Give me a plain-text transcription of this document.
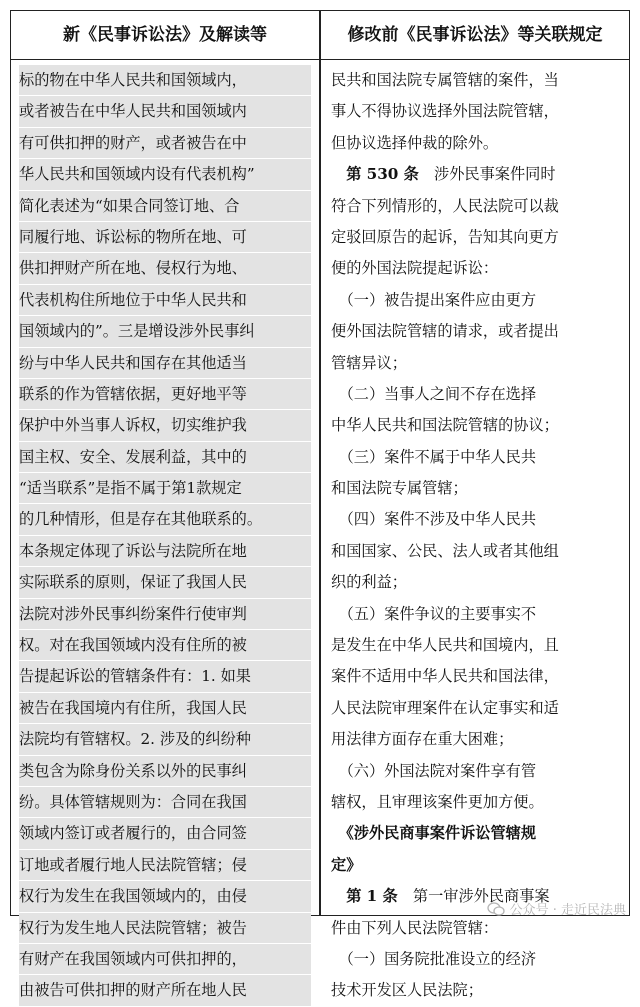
新《民事诉讼法》及解读等	修改前《民事诉讼法》等关联规定
标的物在中华人民共和国领域内，
或者被告在中华人民共和国领域内
有可供扣押的财产，或者被告在中
华人民共和国领域内设有代表机构”
简化表述为“如果合同签订地、合
同履行地、诉讼标的物所在地、可
供扣押财产所在地、侵权行为地、
代表机构住所地位于中华人民共和
国领域内的”。三是增设涉外民事纠
纷与中华人民共和国存在其他适当
联系的作为管辖依据，更好地平等
保护中外当事人诉权，切实维护我
国主权、安全、发展利益，其中的
“适当联系”是指不属于第1款规定
的几种情形，但是存在其他联系的。
本条规定体现了诉讼与法院所在地
实际联系的原则，保证了我国人民
法院对涉外民事纠纷案件行使审判
权。对在我国领域内没有住所的被
告提起诉讼的管辖条件有：1. 如果
被告在我国境内有住所，我国人民
法院均有管辖权。2. 涉及的纠纷种
类包含为除身份关系以外的民事纠
纷。具体管辖规则为：合同在我国
领域内签订或者履行的，由合同签
订地或者履行地人民法院管辖；侵
权行为发生在我国领域内的，由侵
权行为发生地人民法院管辖；被告
有财产在我国领域内可供扣押的，
由被告可供扣押的财产所在地人民
民共和国法院专属管辖的案件，当
事人不得协议选择外国法院管辖，
但协议选择仲裁的除外。
　第 530 条　涉外民事案件同时
符合下列情形的，人民法院可以裁
定驳回原告的起诉，告知其向更方
便的外国法院提起诉讼：
　（一）被告提出案件应由更方
便外国法院管辖的请求，或者提出
管辖异议；
　（二）当事人之间不存在选择
中华人民共和国法院管辖的协议；
　（三）案件不属于中华人民共
和国法院专属管辖；
　（四）案件不涉及中华人民共
和国国家、公民、法人或者其他组
织的利益；
　（五）案件争议的主要事实不
是发生在中华人民共和国境内，且
案件不适用中华人民共和国法律，
人民法院审理案件在认定事实和适
用法律方面存在重大困难；
　（六）外国法院对案件享有管
辖权，且审理该案件更加方便。
　《涉外民商事案件诉讼管辖规
定》
　第 1 条　第一审涉外民商事案
件由下列人民法院管辖：
　（一）国务院批准设立的经济
技术开发区人民法院；
公众号 · 走近民法典
